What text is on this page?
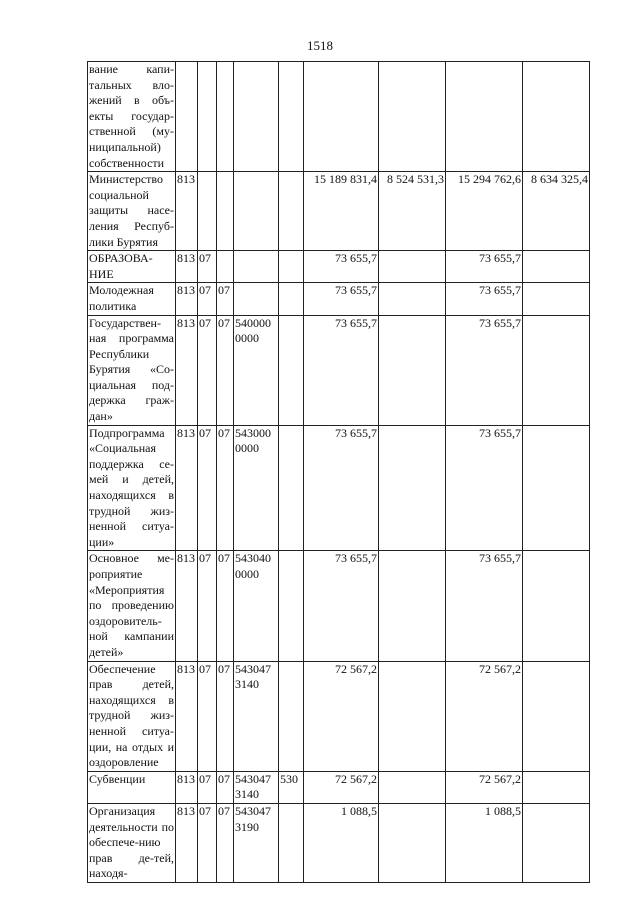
1518
вание капи-тальных вло-жений в объ-екты государ-ственной (му-ниципальной) собственности									
Министерство социальной защиты насе-ления Респуб-лики Бурятия	813					15 189 831,4	8 524 531,3	15 294 762,6	8 634 325,4
ОБРАЗОВА-НИЕ	813	07				73 655,7		73 655,7	
Молодежная политика	813	07	07			73 655,7		73 655,7	
Государствен-ная программа Республики Бурятия «Со-циальная под-держка граж-дан»	813	07	07	540000 0000		73 655,7		73 655,7	
Подпрограмма «Социальная поддержка се-мей и детей, находящихся в трудной жиз-ненной ситуа-ции»	813	07	07	543000 0000		73 655,7		73 655,7	
Основное ме-роприятие «Мероприятия по проведению оздоровитель-ной кампании детей»	813	07	07	543040 0000		73 655,7		73 655,7	
Обеспечение прав детей, находящихся в трудной жиз-ненной ситуа-ции, на отдых и оздоровление	813	07	07	543047 3140		72 567,2		72 567,2	
Субвенции	813	07	07	543047 3140	530	72 567,2		72 567,2	
Организация деятельности по обеспече-нию прав де-тей, находя-	813	07	07	543047 3190		1 088,5		1 088,5	
